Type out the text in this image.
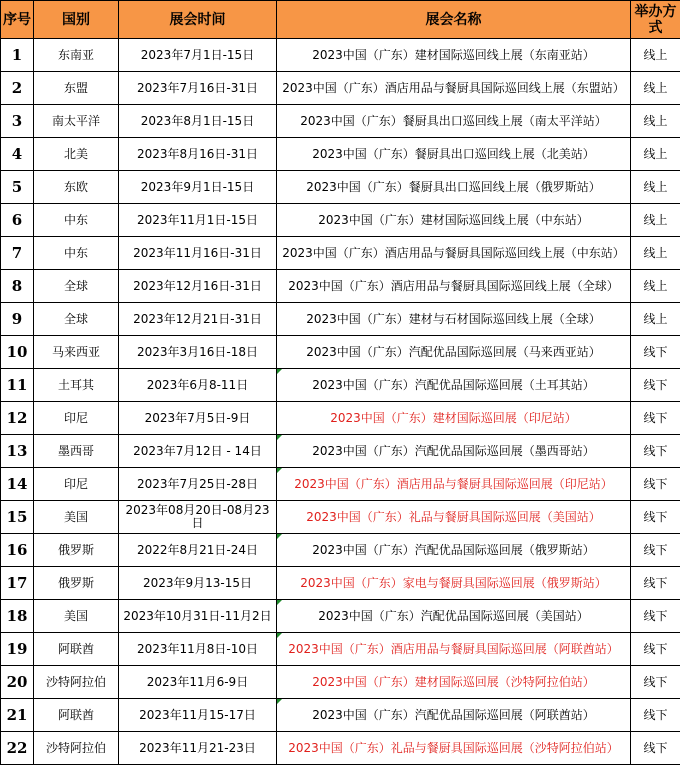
序号	国别	展会时间	展会名称	举办方式
1	东南亚	2023年7月1日-15日	2023中国（广东）建材国际巡回线上展（东南亚站）	线上
2	东盟	2023年7月16日-31日	2023中国（广东）酒店用品与餐厨具国际巡回线上展（东盟站）	线上
3	南太平洋	2023年8月1日-15日	2023中国（广东）餐厨具出口巡回线上展（南太平洋站）	线上
4	北美	2023年8月16日-31日	2023中国（广东）餐厨具出口巡回线上展（北美站）	线上
5	东欧	2023年9月1日-15日	2023中国（广东）餐厨具出口巡回线上展（俄罗斯站）	线上
6	中东	2023年11月1日-15日	2023中国（广东）建材国际巡回线上展（中东站）	线上
7	中东	2023年11月16日-31日	2023中国（广东）酒店用品与餐厨具国际巡回线上展（中东站）	线上
8	全球	2023年12月16日-31日	2023中国（广东）酒店用品与餐厨具国际巡回线上展（全球）	线上
9	全球	2023年12月21日-31日	2023中国（广东）建材与石材国际巡回线上展（全球）	线上
10	马来西亚	2023年3月16日-18日	2023中国（广东）汽配优品国际巡回展（马来西亚站）	线下
11	土耳其	2023年6月8-11日	2023中国（广东）汽配优品国际巡回展（土耳其站）	线下
12	印尼	2023年7月5日-9日	2023中国（广东）建材国际巡回展（印尼站）	线下
13	墨西哥	2023年7月12日 - 14日	2023中国（广东）汽配优品国际巡回展（墨西哥站）	线下
14	印尼	2023年7月25日-28日	2023中国（广东）酒店用品与餐厨具国际巡回展（印尼站）	线下
15	美国	2023年08月20日-08月23日	2023中国（广东）礼品与餐厨具国际巡回展（美国站）	线下
16	俄罗斯	2022年8月21日-24日	2023中国（广东）汽配优品国际巡回展（俄罗斯站）	线下
17	俄罗斯	2023年9月13-15日	2023中国（广东）家电与餐厨具国际巡回展（俄罗斯站）	线下
18	美国	2023年10月31日-11月2日	2023中国（广东）汽配优品国际巡回展（美国站）	线下
19	阿联酋	2023年11月8日-10日	2023中国（广东）酒店用品与餐厨具国际巡回展（阿联酋站）	线下
20	沙特阿拉伯	2023年11月6-9日	2023中国（广东）建材国际巡回展（沙特阿拉伯站）	线下
21	阿联酋	2023年11月15-17日	2023中国（广东）汽配优品国际巡回展（阿联酋站）	线下
22	沙特阿拉伯	2023年11月21-23日	2023中国（广东）礼品与餐厨具国际巡回展（沙特阿拉伯站）	线下
